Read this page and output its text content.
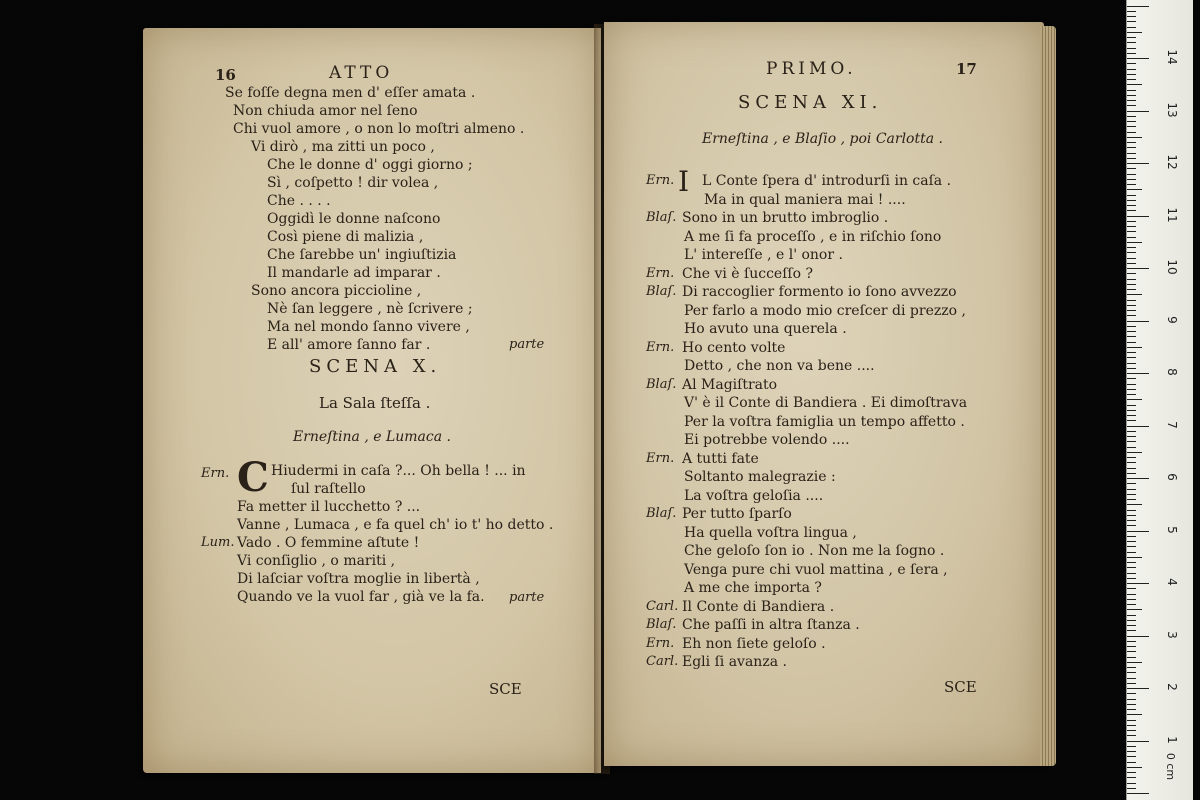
16	ATTO

Se foſſe degna men d' eſſer amata .

Non chiuda amor nel ſeno

Chi vuol amore , o non lo moſtri almeno .

Vi dirò , ma zitti un poco ,

Che le donne d' oggi giorno ;

Sì , coſpetto ! dir volea ,

Che . . . .

Oggidì le donne naſcono

Così piene di malizia ,

Che ſarebbe un' ingiuſtizia

Il mandarle ad imparar .

Sono ancora piccioline ,

Nè ſan leggere , nè ſcrivere ;

Ma nel mondo ſanno vivere ,

E all' amore ſanno far .	parte
SCENA X.
La Sala ſteſſa .
Erneſtina , e Lumaca .
Ern. C Hiudermi in caſa ?... Oh bella ! ... in

ſul raſtello

Fa metter il lucchetto ? ...

Vanne , Lumaca , e fa quel ch' io t' ho detto .

Lum. Vado . O femmine aſtute !

Vi conſiglio , o mariti ,

Di laſciar voſtra moglie in libertà ,

Quando ve la vuol far , già ve la fa. parte
SCE
PRIMO.	17
SCENA XI.
Erneſtina , e Blaſio , poi Carlotta .
I
Ern. L Conte ſpera d' introdurſi in caſa .

Ma in qual maniera mai ! ....

Blaſ. Sono in un brutto imbroglio .

A me ſi fa proceſſo , e in riſchio ſono

L' intereſſe , e l' onor .

Ern. Che vi è ſucceſſo ?

Blaſ. Di raccoglier formento io ſono avvezzo

Per farlo a modo mio creſcer di prezzo ,

Ho avuto una querela .

Ern. Ho cento volte

Detto , che non va bene ....

Blaſ. Al Magiſtrato

V' è il Conte di Bandiera . Ei dimoſtrava

Per la voſtra famiglia un tempo affetto .

Ei potrebbe volendo ....

Ern. A tutti fate

Soltanto malegrazie :

La voſtra geloſia ....

Blaſ. Per tutto ſparſo

Ha quella voſtra lingua ,

Che geloſo ſon io . Non me la ſogno .

Venga pure chi vuol mattina , e ſera ,

A me che importa ?

Carl. Il Conte di Bandiera .

Blaſ. Che paſſi in altra ſtanza .

Ern. Eh non ſiete geloſo .

Carl. Egli ſi avanza .

SCE
14
13
12
11
10
9
8
7
6
5
4
3
2
1
0 cm
